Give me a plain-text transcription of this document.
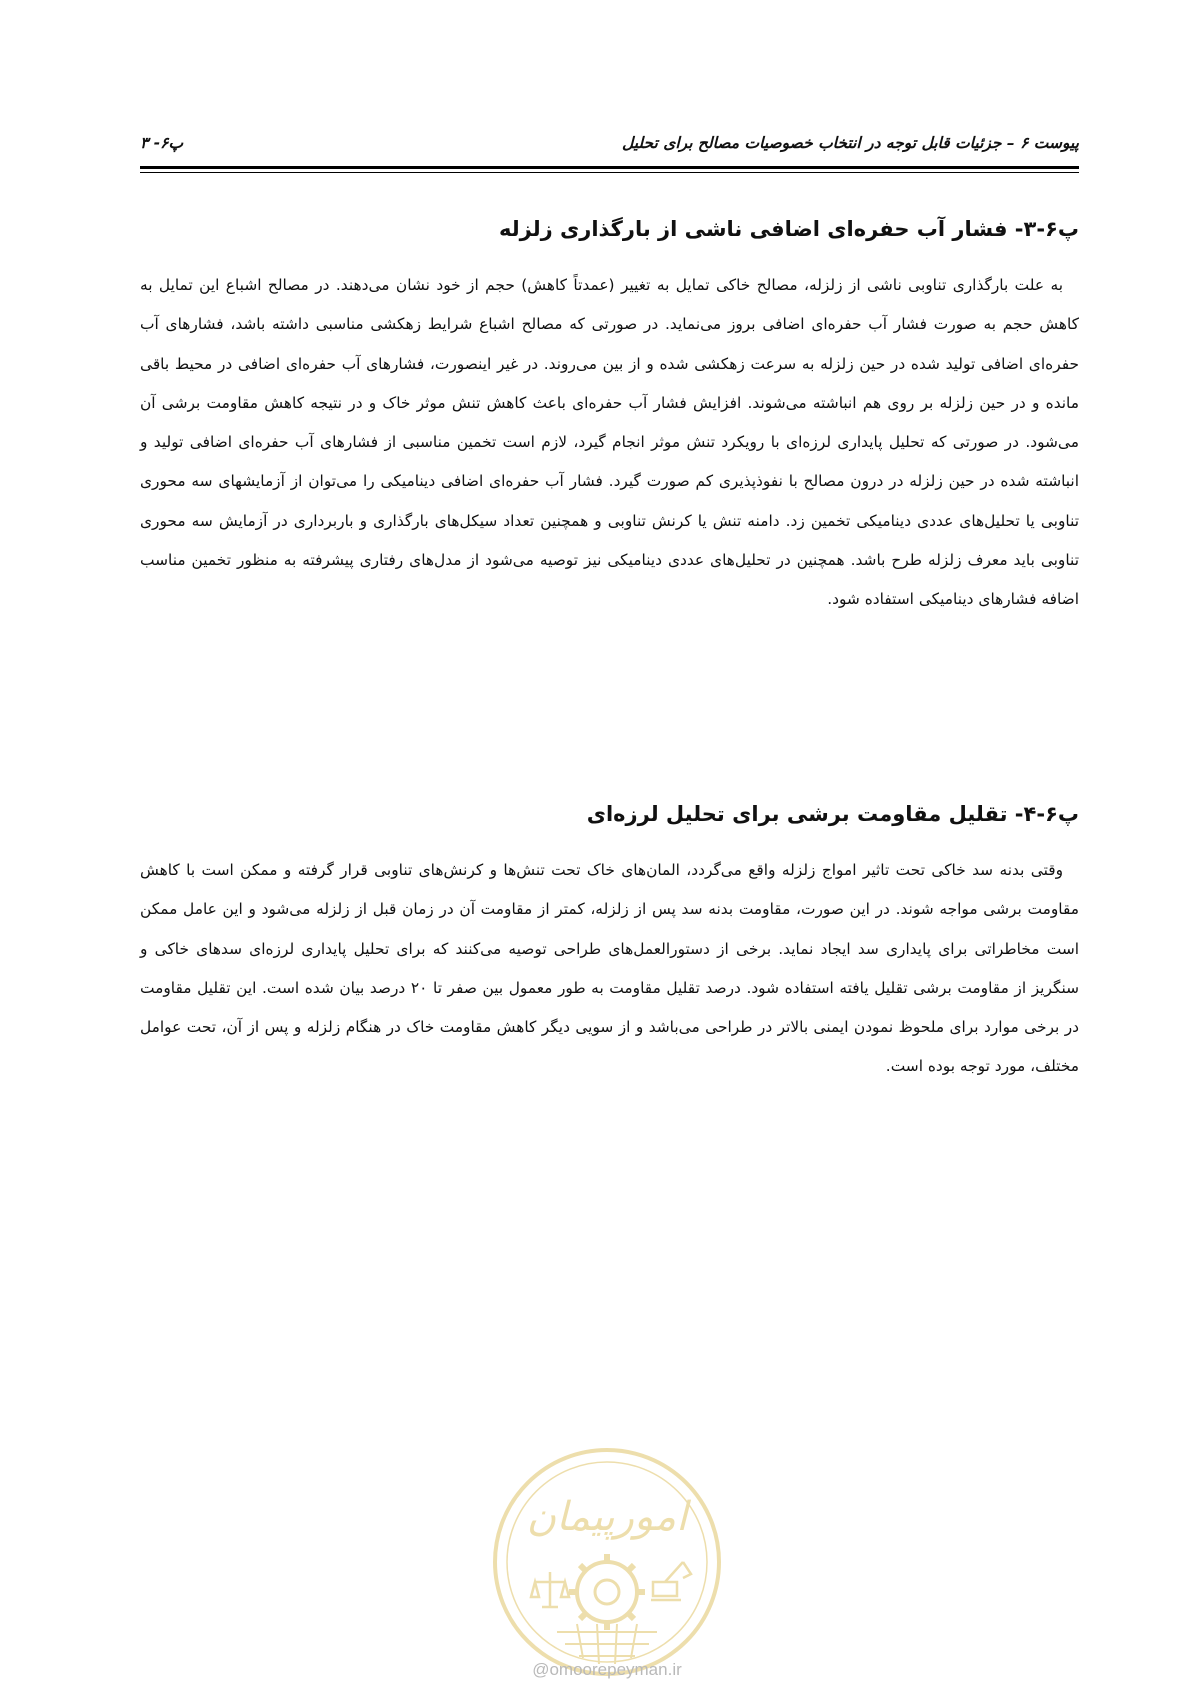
پیوست ۶ – جزئیات قابل توجه در انتخاب خصوصیات مصالح برای تحلیل
پ۶- ۳
پ۶-۳- فشار آب حفره‌ای اضافی ناشی از بارگذاری زلزله

به علت بارگذاری تناوبی ناشی از زلزله، مصالح خاکی تمایل به تغییر (عمدتاً کاهش) حجم از خود نشان می‌دهند. در مصالح اشباع این تمایل به کاهش حجم به صورت فشار آب حفره‌ای اضافی بروز می‌نماید. در صورتی که مصالح اشباع شرایط زهکشی مناسبی داشته باشد، فشارهای آب حفره‌ای اضافی تولید شده در حین زلزله به سرعت زهکشی شده و از بین می‌روند. در غیر اینصورت، فشارهای آب حفره‌ای اضافی در محیط باقی مانده و در حین زلزله بر روی هم انباشته می‌شوند. افزایش فشار آب حفره‌ای باعث کاهش تنش موثر خاک و در نتیجه کاهش مقاومت برشی آن می‌شود. در صورتی که تحلیل پایداری لرزه‌ای با رویکرد تنش موثر انجام گیرد، لازم است تخمین مناسبی از فشارهای آب حفره‌ای اضافی تولید و انباشته شده در حین زلزله در درون مصالح با نفوذپذیری کم صورت گیرد. فشار آب حفره‌ای اضافی دینامیکی را می‌توان از آزمایشهای سه محوری تناوبی یا تحلیل‌های عددی دینامیکی تخمین زد. دامنه تنش یا کرنش تناوبی و همچنین تعداد سیکل‌های بارگذاری و باربرداری در آزمایش سه محوری تناوبی باید معرف زلزله طرح باشد. همچنین در تحلیل‌های عددی دینامیکی نیز توصیه می‌شود از مدل‌های رفتاری پیشرفته به منظور تخمین مناسب اضافه فشارهای دینامیکی استفاده شود.

پ۶-۴- تقلیل مقاومت برشی برای تحلیل لرزه‌ای

وقتی بدنه سد خاکی تحت تاثیر امواج زلزله واقع می‌گردد، المان‌های خاک تحت تنش‌ها و کرنش‌های تناوبی قرار گرفته و ممکن است با کاهش مقاومت برشی مواجه شوند. در این صورت، مقاومت بدنه سد پس از زلزله، کمتر از مقاومت آن در زمان قبل از زلزله می‌شود و این عامل ممکن است مخاطراتی برای پایداری سد ایجاد نماید. برخی از دستورالعمل‌های طراحی توصیه می‌کنند که برای تحلیل پایداری لرزه‌ای سدهای خاکی و سنگریز از مقاومت برشی تقلیل یافته استفاده شود. درصد تقلیل مقاومت به طور معمول بین صفر تا ۲۰ درصد بیان شده است. این تقلیل مقاومت در برخی موارد برای ملحوظ نمودن ایمنی بالاتر در طراحی می‌باشد و از سویی دیگر کاهش مقاومت خاک در هنگام زلزله و پس از آن، تحت عوامل مختلف، مورد توجه بوده است.

امورپیمان
@omoorepeyman.ir
